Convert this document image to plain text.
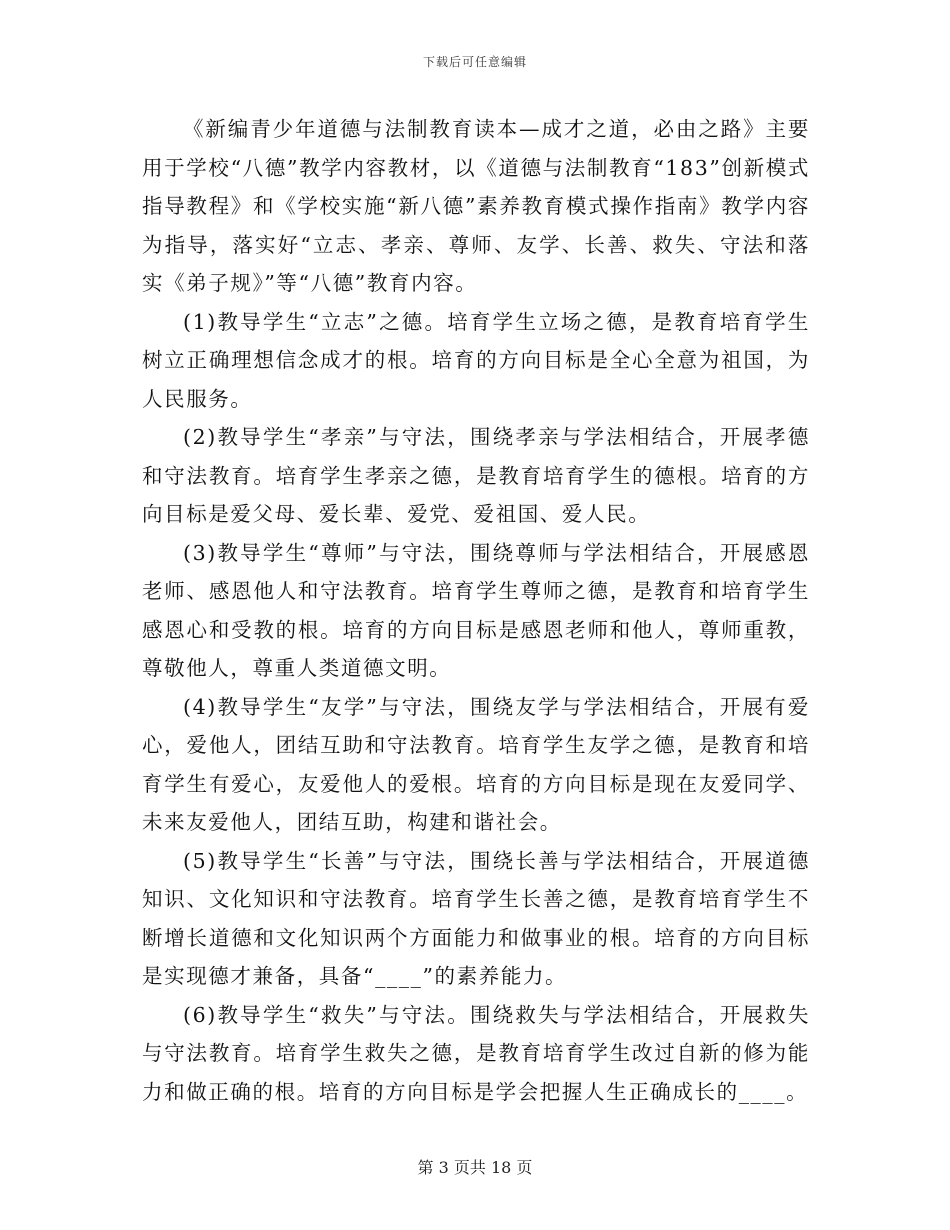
下载后可任意编辑

《新编青少年道德与法制教育读本—成才之道，必由之路》主要用于学校“八德”教学内容教材，以《道德与法制教育“183”创新模式指导教程》和《学校实施“新八德”素养教育模式操作指南》教学内容为指导，落实好“立志、孝亲、尊师、友学、长善、救失、守法和落实《弟子规》”等“八德”教育内容。

(1)教导学生“立志”之德。培育学生立场之德，是教育培育学生树立正确理想信念成才的根。培育的方向目标是全心全意为祖国，为人民服务。

(2)教导学生“孝亲”与守法，围绕孝亲与学法相结合，开展孝德和守法教育。培育学生孝亲之德，是教育培育学生的德根。培育的方向目标是爱父母、爱长辈、爱党、爱祖国、爱人民。

(3)教导学生“尊师”与守法，围绕尊师与学法相结合，开展感恩老师、感恩他人和守法教育。培育学生尊师之德，是教育和培育学生感恩心和受教的根。培育的方向目标是感恩老师和他人，尊师重教，尊敬他人，尊重人类道德文明。

(4)教导学生“友学”与守法，围绕友学与学法相结合，开展有爱心，爱他人，团结互助和守法教育。培育学生友学之德，是教育和培育学生有爱心，友爱他人的爱根。培育的方向目标是现在友爱同学、未来友爱他人，团结互助，构建和谐社会。

(5)教导学生“长善”与守法，围绕长善与学法相结合，开展道德知识、文化知识和守法教育。培育学生长善之德，是教育培育学生不断增长道德和文化知识两个方面能力和做事业的根。培育的方向目标是实现德才兼备，具备“____”的素养能力。

(6)教导学生“救失”与守法。围绕救失与学法相结合，开展救失与守法教育。培育学生救失之德，是教育培育学生改过自新的修为能力和做正确的根。培育的方向目标是学会把握人生正确成长的____。

第 3 页共 18 页
